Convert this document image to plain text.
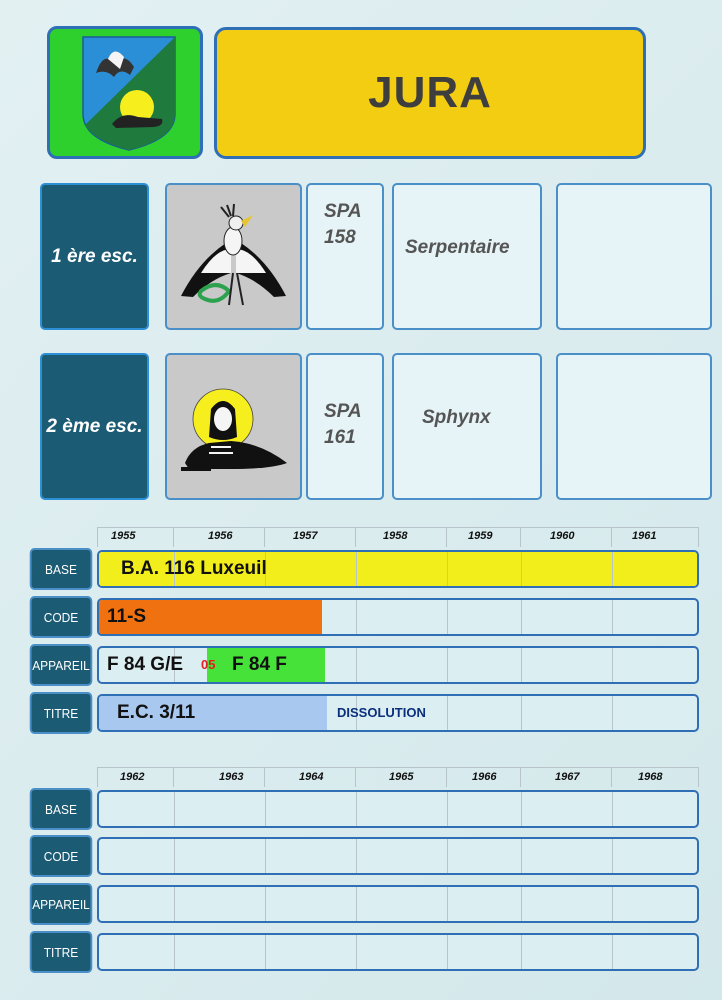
JURA
1 ère esc.
SPA
158	Serpentaire
2 ème esc.
SPA
161
Sphynx
1955	1956	1957	1958	1959	1960	1961
BASE	B.A. 116 Luxeuil
CODE	11-S
APPAREIL F 84 G/E 05 F 84 F
TITRE	E.C. 3/11	DISSOLUTION
1962	1963	1964	1965	1966	1967	1968
BASE
CODE
APPAREIL
TITRE
